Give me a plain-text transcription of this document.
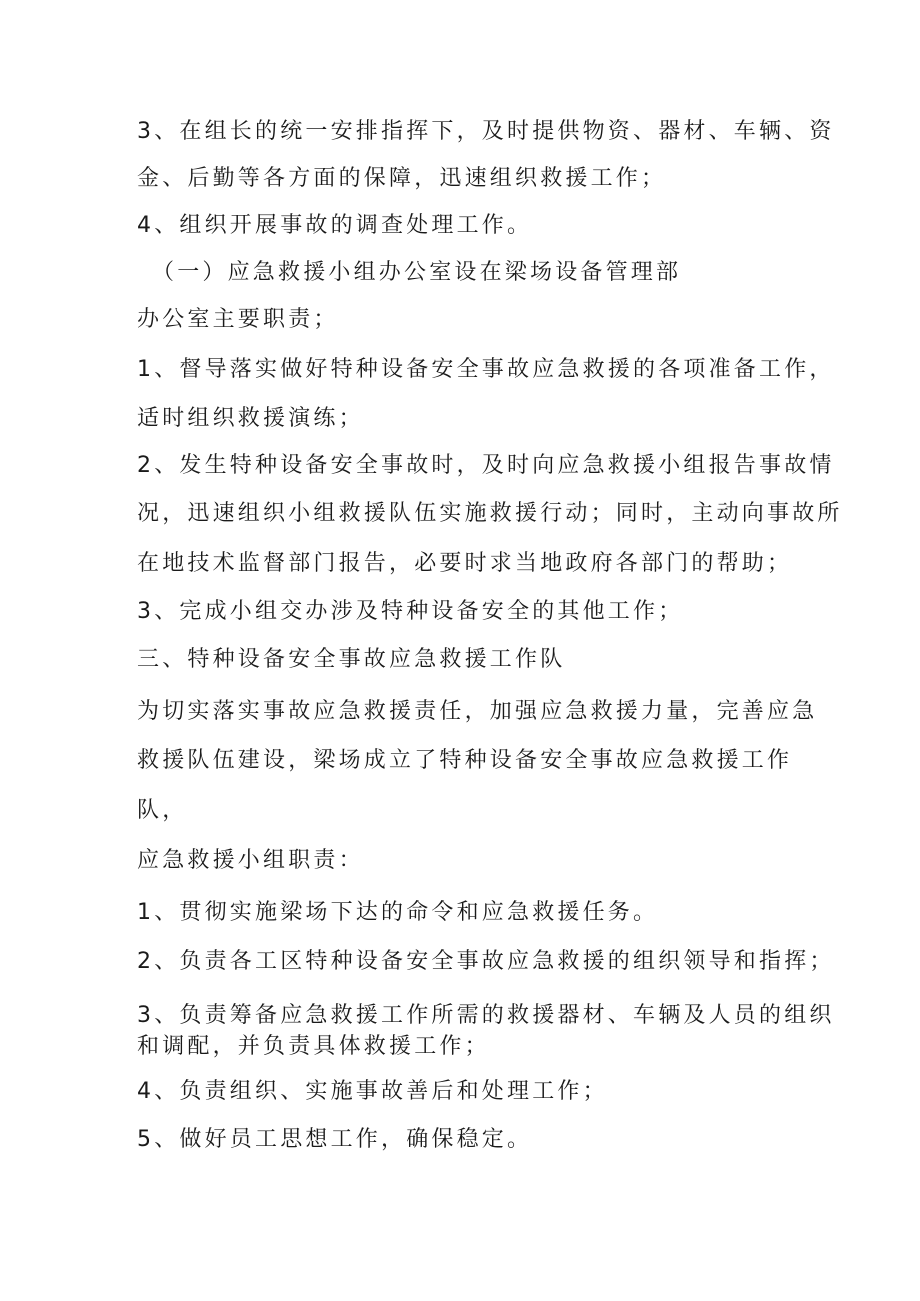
3、在组长的统一安排指挥下，及时提供物资、器材、车辆、资
金、后勤等各方面的保障，迅速组织救援工作；
4、组织开展事故的调查处理工作。
（一）应急救援小组办公室设在梁场设备管理部
办公室主要职责；
1、督导落实做好特种设备安全事故应急救援的各项准备工作，
适时组织救援演练；
2、发生特种设备安全事故时，及时向应急救援小组报告事故情
况，迅速组织小组救援队伍实施救援行动；同时，主动向事故所
在地技术监督部门报告，必要时求当地政府各部门的帮助；
3、完成小组交办涉及特种设备安全的其他工作；
三、特种设备安全事故应急救援工作队
为切实落实事故应急救援责任，加强应急救援力量，完善应急
救援队伍建设，梁场成立了特种设备安全事故应急救援工作
队，
应急救援小组职责：
1、贯彻实施梁场下达的命令和应急救援任务。
2、负责各工区特种设备安全事故应急救援的组织领导和指挥；
3、负责筹备应急救援工作所需的救援器材、车辆及人员的组织
和调配，并负责具体救援工作；
4、负责组织、实施事故善后和处理工作；
5、做好员工思想工作，确保稳定。
